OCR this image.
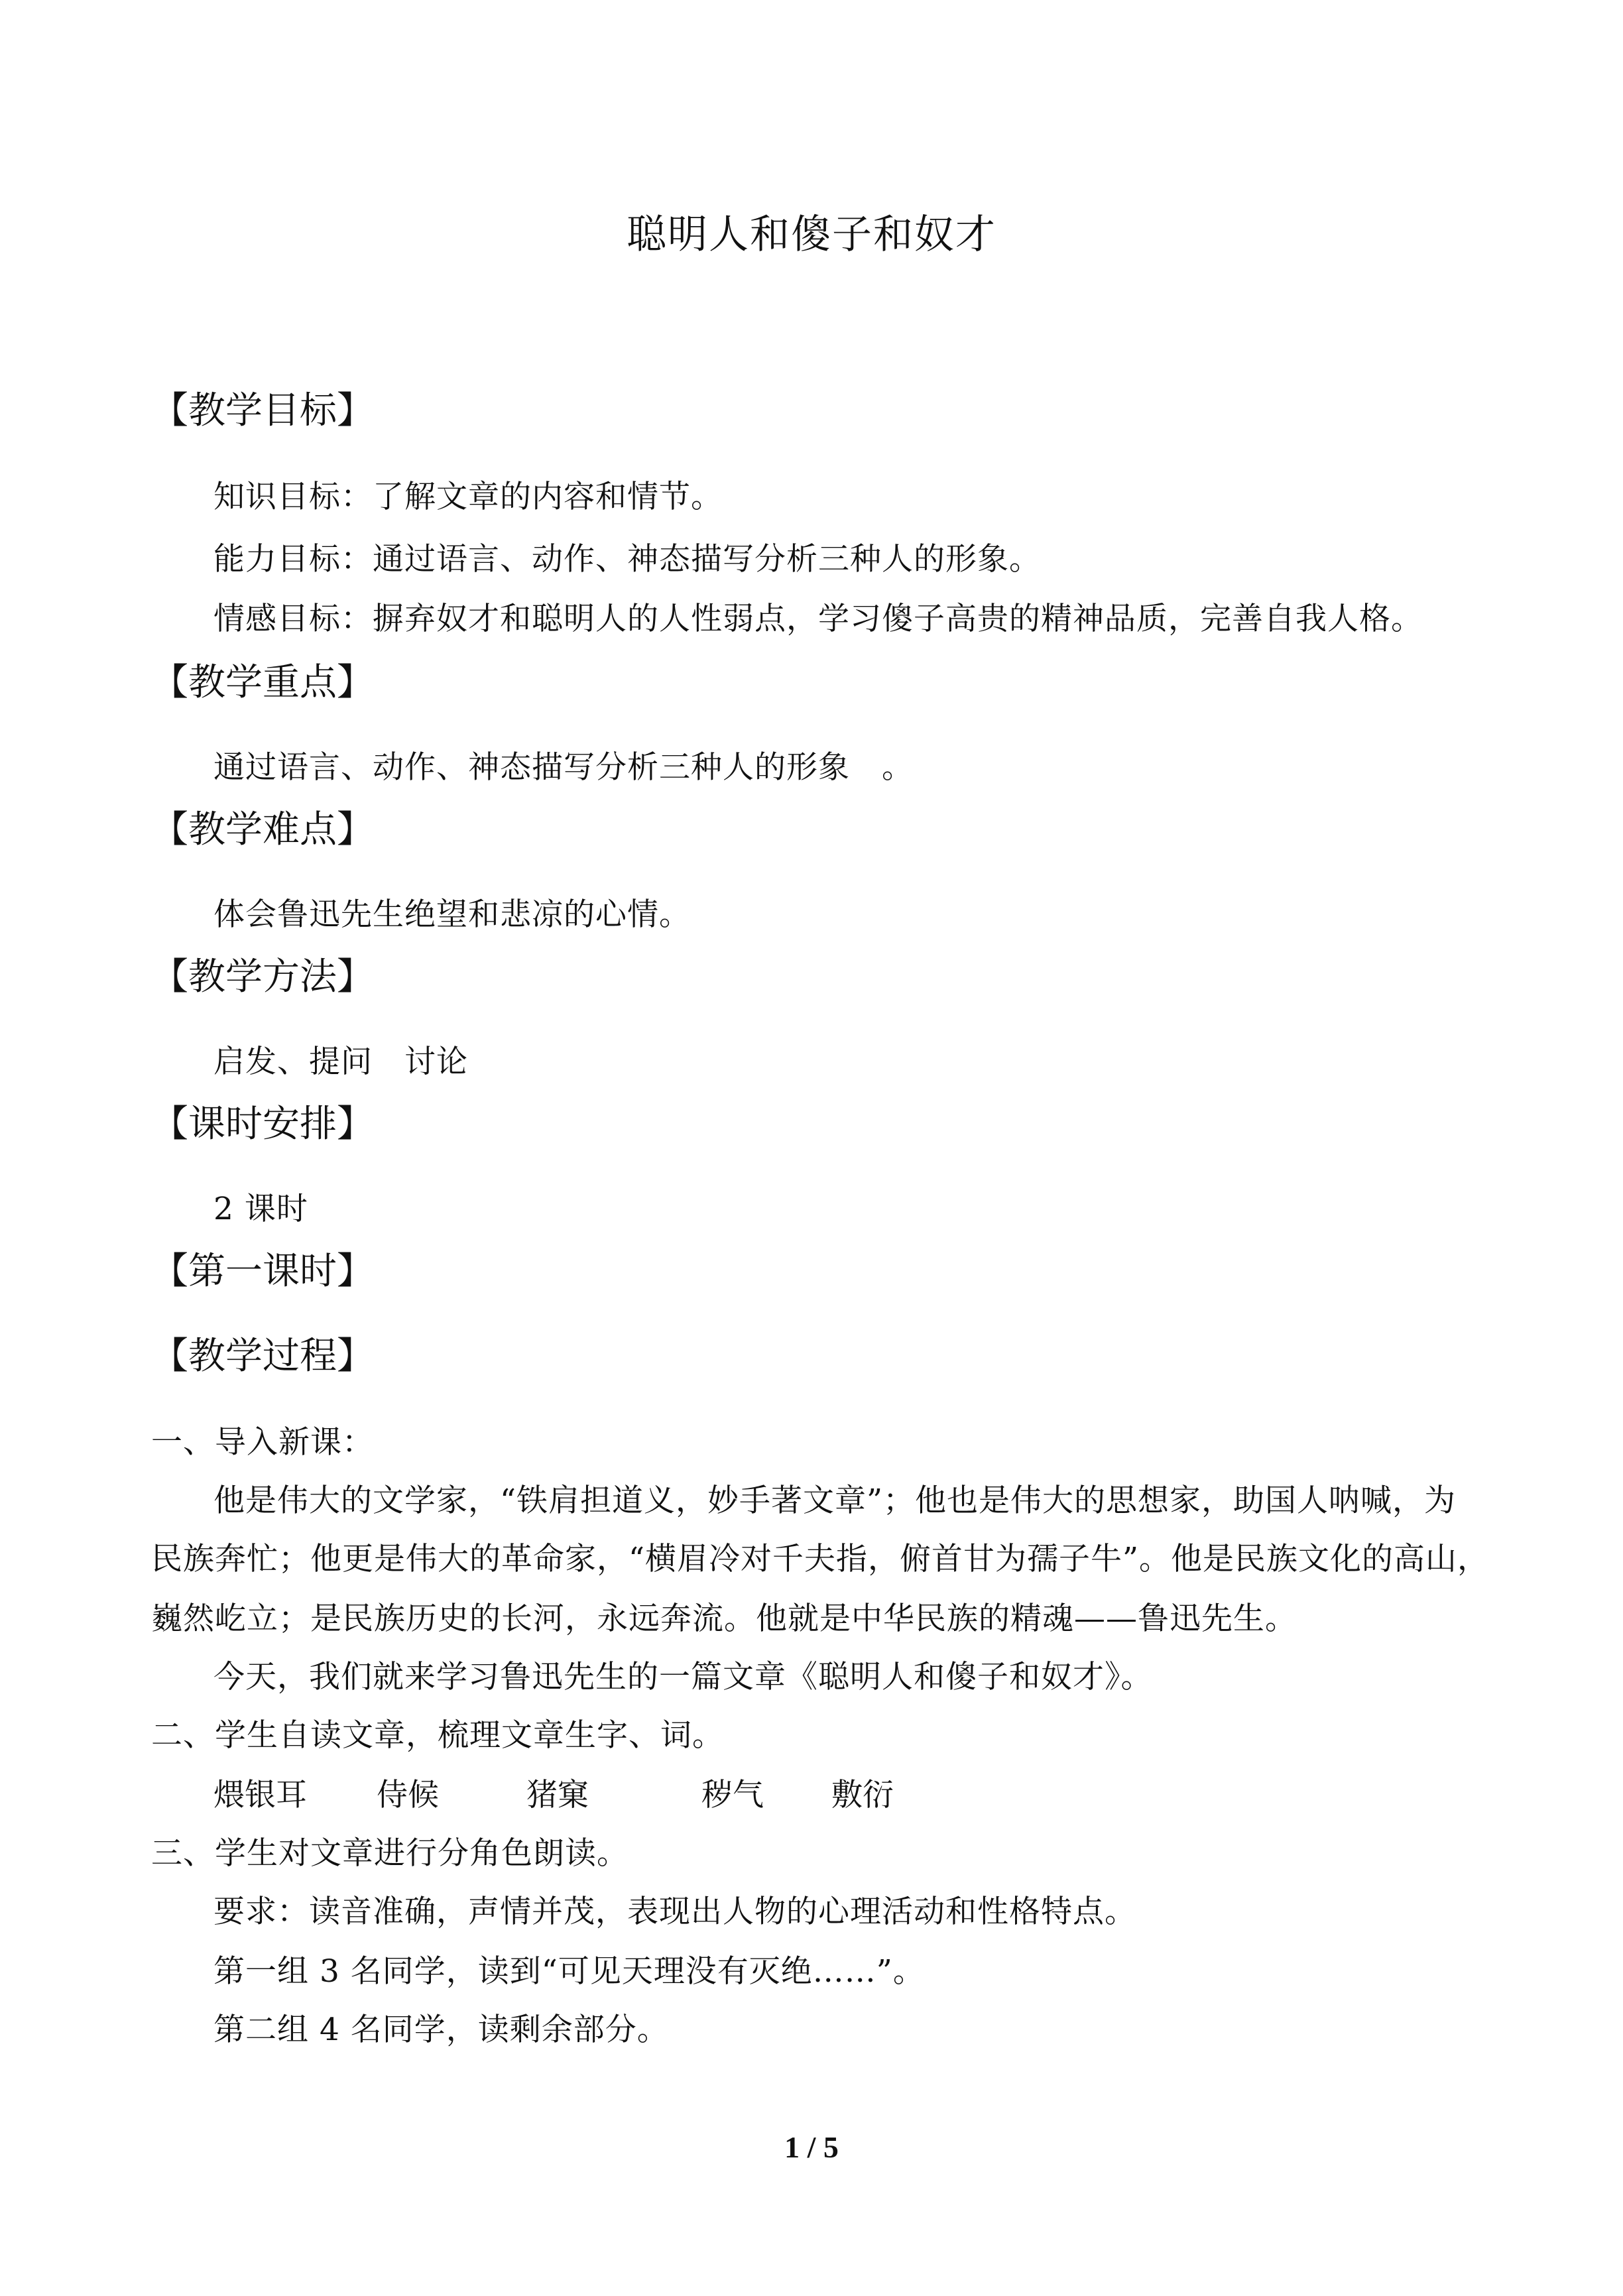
聪明人和傻子和奴才
【教学目标】
知识目标：了解文章的内容和情节。
能力目标：通过语言、动作、神态描写分析三种人的形象。
情感目标：摒弃奴才和聪明人的人性弱点，学习傻子高贵的精神品质，完善自我人格。
【教学重点】
通过语言、动作、神态描写分析三种人的形象　。
【教学难点】
体会鲁迅先生绝望和悲凉的心情。
【教学方法】
启发、提问　讨论
【课时安排】
2 课时
【第一课时】
【教学过程】
一、导入新课：
他是伟大的文学家，“铁肩担道义，妙手著文章”；他也是伟大的思想家，助国人呐喊，为
民族奔忙；他更是伟大的革命家，“横眉冷对千夫指，俯首甘为孺子牛”。他是民族文化的高山，
巍然屹立；是民族历史的长河，永远奔流。他就是中华民族的精魂——鲁迅先生。
今天，我们就来学习鲁迅先生的一篇文章《聪明人和傻子和奴才》。
二、学生自读文章，梳理文章生字、词。
煨银耳 侍候	猪窠	秽气 敷衍
三、学生对文章进行分角色朗读。
要求：读音准确，声情并茂，表现出人物的心理活动和性格特点。
第一组 3 名同学，读到“可见天理没有灭绝……”。
第二组 4 名同学，读剩余部分。
1 / 5
